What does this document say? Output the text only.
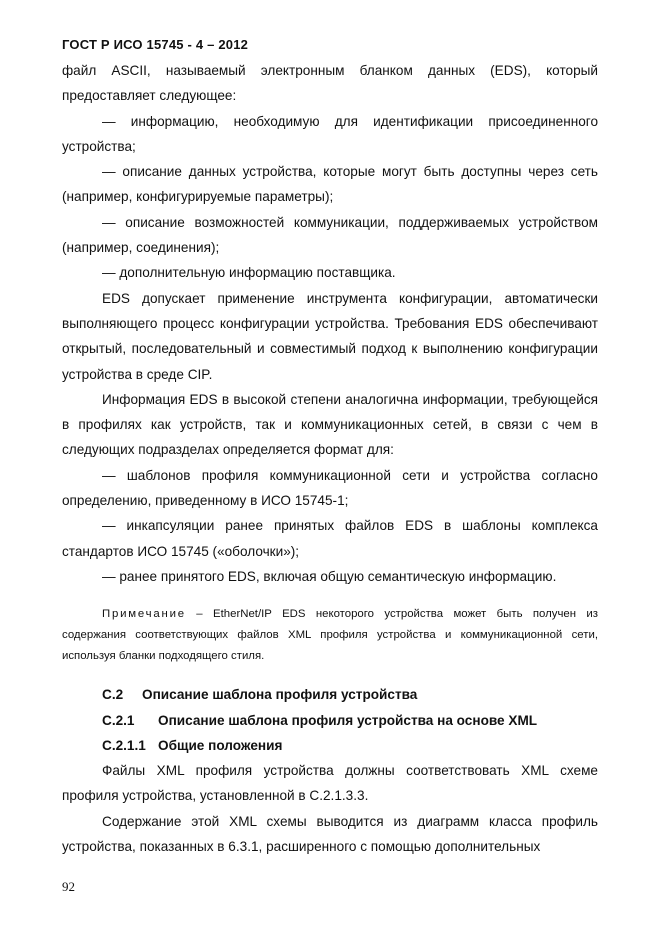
ГОСТ Р ИСО 15745 - 4 – 2012

файл ASCII, называемый электронным бланком данных (EDS), который предоставляет следующее:

— информацию, необходимую для идентификации присоединенного устройства;

— описание данных устройства, которые могут быть доступны через сеть (например, конфигурируемые параметры);

— описание возможностей коммуникации, поддерживаемых устройством (например, соединения);

— дополнительную информацию поставщика.

EDS допускает применение инструмента конфигурации, автоматически выполняющего процесс конфигурации устройства. Требования EDS обеспечивают открытый, последовательный и совместимый подход к выполнению конфигурации устройства в среде CIP.

Информация EDS в высокой степени аналогична информации, требующейся в профилях как устройств, так и коммуникационных сетей, в связи с чем в следующих подразделах определяется формат для:

— шаблонов профиля коммуникационной сети и устройства согласно определению, приведенному в ИСО 15745-1;

— инкапсуляции ранее принятых файлов EDS в шаблоны комплекса стандартов ИСО 15745 («оболочки»);

— ранее принятого EDS, включая общую семантическую информацию.

Примечание – EtherNet/IP EDS некоторого устройства может быть получен из содержания соответствующих файлов XML профиля устройства и коммуникационной сети, используя бланки подходящего стиля.

C.2 Описание шаблона профиля устройства

C.2.1 Описание шаблона профиля устройства на основе XML

C.2.1.1 Общие положения

Файлы XML профиля устройства должны соответствовать XML схеме профиля устройства, установленной в C.2.1.3.3.

Содержание этой XML схемы выводится из диаграмм класса профиль устройства, показанных в 6.3.1, расширенного с помощью дополнительных

92
